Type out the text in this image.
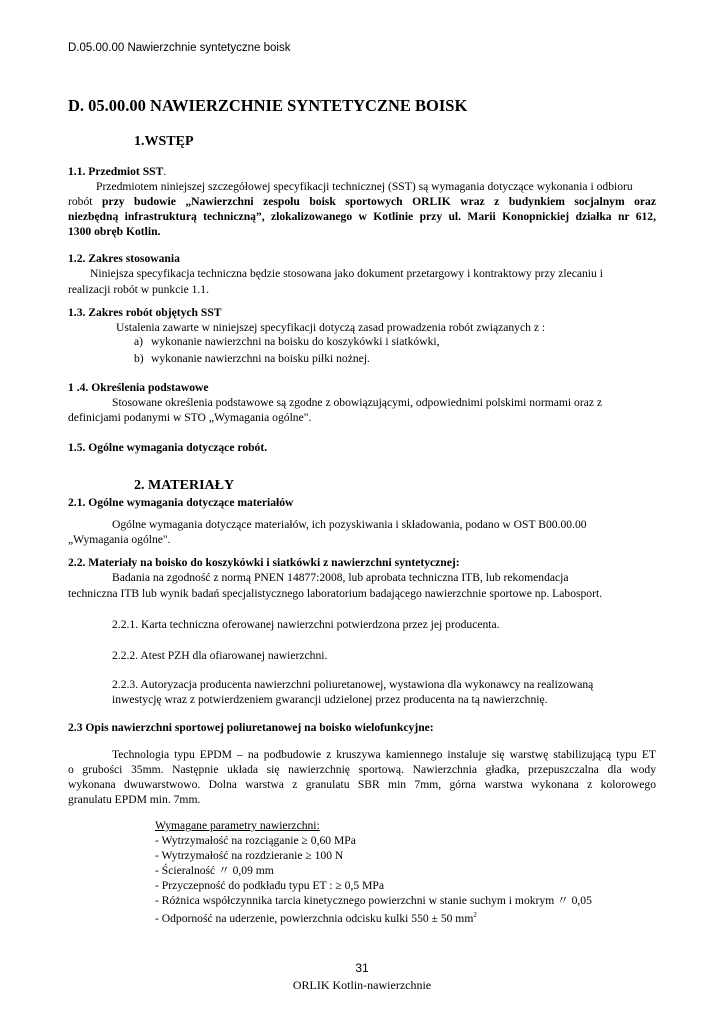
D.05.00.00 Nawierzchnie syntetyczne boisk
D. 05.00.00 NAWIERZCHNIE SYNTETYCZNE BOISK
1.WSTĘP
1.1. Przedmiot SST.
Przedmiotem niniejszej szczegółowej specyfikacji technicznej (SST) są wymagania dotyczące wykonania i odbioru
robót przy budowie „Nawierzchni zespołu boisk sportowych ORLIK wraz z budynkiem socjalnym oraz
niezbędną infrastrukturą techniczną”, zlokalizowanego w Kotlinie przy ul. Marii Konopnickiej działka nr 612,
1300 obręb Kotlin.
1.2. Zakres stosowania
Niniejsza specyfikacja techniczna będzie stosowana jako dokument przetargowy i kontraktowy przy zlecaniu i
realizacji robót w punkcie 1.1.
1.3. Zakres robót objętych SST
Ustalenia zawarte w niniejszej specyfikacji dotyczą zasad prowadzenia robót związanych z :
a) wykonanie nawierzchni na boisku do koszykówki i siatkówki,
b) wykonanie nawierzchni na boisku piłki nożnej.
1 .4. Określenia podstawowe
Stosowane określenia podstawowe są zgodne z obowiązującymi, odpowiednimi polskimi normami oraz z
definicjami podanymi w STO „Wymagania ogólne".
1.5. Ogólne wymagania dotyczące robót.
2. MATERIAŁY
2.1. Ogólne wymagania dotyczące materiałów
Ogólne wymagania dotyczące materiałów, ich pozyskiwania i składowania, podano w OST B00.00.00
„Wymagania ogólne".
2.2. Materiały na boisko do koszykówki i siatkówki z nawierzchni syntetycznej:
Badania na zgodność z normą PNEN 14877:2008, lub aprobata techniczna ITB, lub rekomendacja
techniczna ITB lub wynik badań specjalistycznego laboratorium badającego nawierzchnie sportowe np. Labosport.
2.2.1. Karta techniczna oferowanej nawierzchni potwierdzona przez jej producenta.
2.2.2. Atest PZH dla ofiarowanej nawierzchni.
2.2.3. Autoryzacja producenta nawierzchni poliuretanowej, wystawiona dla wykonawcy na realizowaną
inwestycję wraz z potwierdzeniem gwarancji udzielonej przez producenta na tą nawierzchnię.
2.3 Opis nawierzchni sportowej poliuretanowej na boisko wielofunkcyjne:
Technologia typu EPDM – na podbudowie z kruszywa kamiennego instaluje się warstwę stabilizującą typu ET
o grubości 35mm. Następnie układa się nawierzchnię sportową. Nawierzchnia gładka, przepuszczalna dla wody
wykonana dwuwarstwowo. Dolna warstwa z granulatu SBR min 7mm, górna warstwa wykonana z kolorowego
granulatu EPDM min. 7mm.
Wymagane parametry nawierzchni:
- Wytrzymałość na rozciąganie ≥ 0,60 MPa
- Wytrzymałość na rozdzieranie ≥ 100 N
- Ścieralność 〃 0,09 mm
- Przyczepność do podkładu typu ET : ≥ 0,5 MPa
- Różnica współczynnika tarcia kinetycznego powierzchni w stanie suchym i mokrym 〃 0,05
- Odporność na uderzenie, powierzchnia odcisku kulki 550 ± 50 $mm^2$
31
ORLIK Kotlin-nawierzchnie
